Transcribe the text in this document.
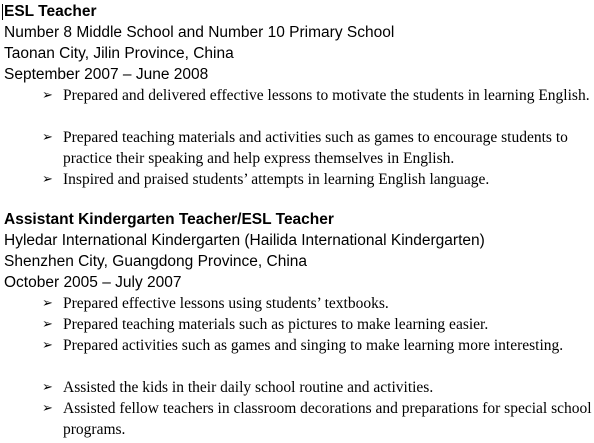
ESL Teacher
Number 8 Middle School and Number 10 Primary School
Taonan City, Jilin Province, China
September 2007 – June 2008
➢ Prepared and delivered effective lessons to motivate the students in learning English.
➢ Prepared teaching materials and activities such as games to encourage students to practice their speaking and help express themselves in English.
➢ Inspired and praised students’ attempts in learning English language.
Assistant Kindergarten Teacher/ESL Teacher
Hyledar International Kindergarten (Hailida International Kindergarten)
Shenzhen City, Guangdong Province, China
October 2005 – July 2007
➢ Prepared effective lessons using students’ textbooks.
➢ Prepared teaching materials such as pictures to make learning easier.
➢ Prepared activities such as games and singing to make learning more interesting.
➢ Assisted the kids in their daily school routine and activities.
➢ Assisted fellow teachers in classroom decorations and preparations for special school programs.
